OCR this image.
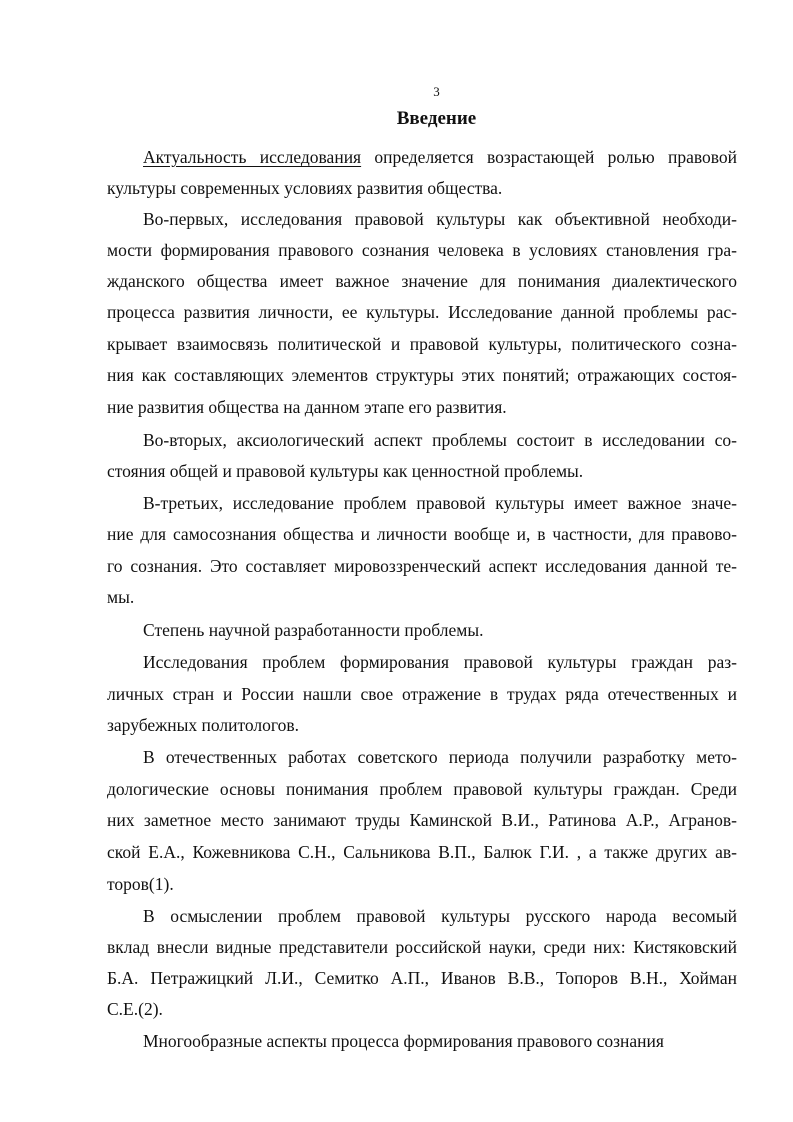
3
Введение
Актуальность исследования определяется возрастающей ролью правовой
культуры современных условиях развития общества.
Во-первых, исследования правовой культуры как объективной необходи-
мости формирования правового сознания человека в условиях становления гра-
жданского общества имеет важное значение для понимания диалектического
процесса развития личности, ее культуры. Исследование данной проблемы рас-
крывает взаимосвязь политической и правовой культуры, политического созна-
ния как составляющих элементов структуры этих понятий; отражающих состоя-
ние развития общества на данном этапе его развития.
Во-вторых, аксиологический аспект проблемы состоит в исследовании со-
стояния общей и правовой культуры как ценностной проблемы.
В-третьих, исследование проблем правовой культуры имеет важное значе-
ние для самосознания общества и личности вообще и, в частности, для правово-
го сознания. Это составляет мировоззренческий аспект исследования данной те-
мы.
Степень научной разработанности проблемы.
Исследования проблем формирования правовой культуры граждан раз-
личных стран и России нашли свое отражение в трудах ряда отечественных и
зарубежных политологов.
В отечественных работах советского периода получили разработку мето-
дологические основы понимания проблем правовой культуры граждан. Среди
них заметное место занимают труды Каминской В.И., Ратинова А.Р., Агранов-
ской Е.А., Кожевникова С.Н., Сальникова В.П., Балюк Г.И. , а также других ав-
торов(1).
В осмыслении проблем правовой культуры русского народа весомый
вклад внесли видные представители российской науки, среди них: Кистяковский
Б.А. Петражицкий Л.И., Семитко А.П., Иванов В.В., Топоров В.Н., Хойман
С.Е.(2).
Многообразные аспекты процесса формирования правового сознания
